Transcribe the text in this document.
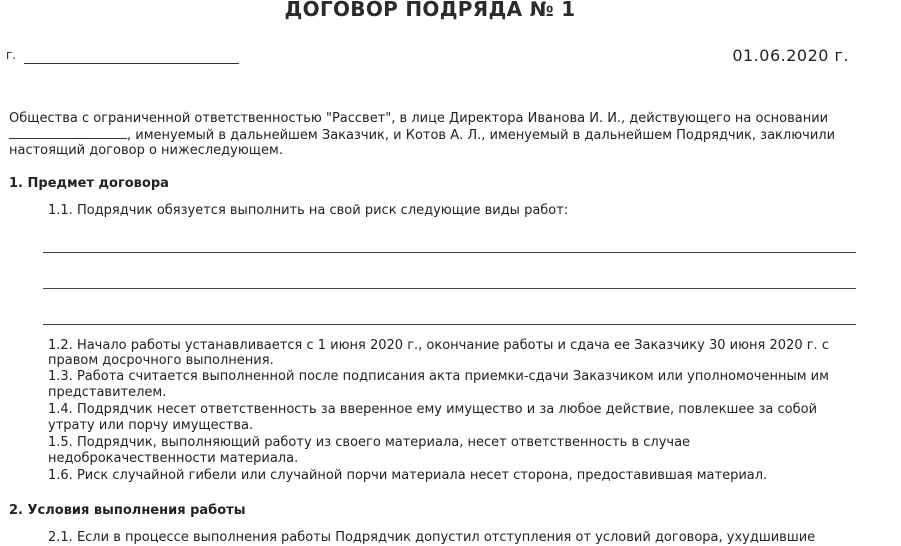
ДОГОВОР ПОДРЯДА № 1
г.	01.06.2020 г.
Общества с ограниченной ответственностью "Рассвет", в лице Директора Иванова И. И., действующего на основании
, именуемый в дальнейшем Заказчик, и Котов А. Л., именуемый в дальнейшем Подрядчик, заключили
настоящий договор о нижеследующем.
1. Предмет договора
1.1. Подрядчик обязуется выполнить на свой риск следующие виды работ:
1.2. Начало работы устанавливается с 1 июня 2020 г., окончание работы и сдача ее Заказчику 30 июня 2020 г. с
правом досрочного выполнения.
1.3. Работа считается выполненной после подписания акта приемки-сдачи Заказчиком или уполномоченным им
представителем.
1.4. Подрядчик несет ответственность за вверенное ему имущество и за любое действие, повлекшее за собой
утрату или порчу имущества.
1.5. Подрядчик, выполняющий работу из своего материала, несет ответственность в случае
недоброкачественности материала.
1.6. Риск случайной гибели или случайной порчи материала несет сторона, предоставившая материал.
2. Условия выполнения работы
2.1. Если в процессе выполнения работы Подрядчик допустил отступления от условий договора, ухудшившие
